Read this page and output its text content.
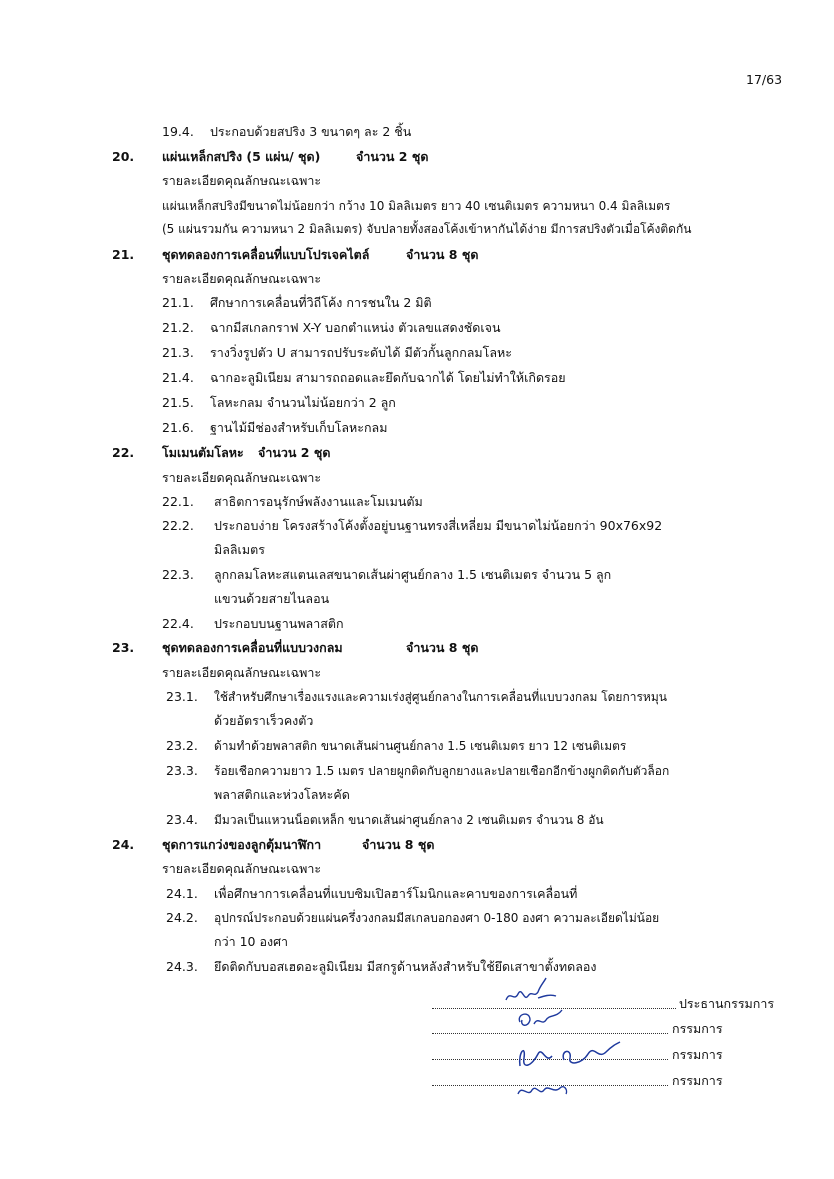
17/63
19.4. ประกอบด้วยสปริง 3 ขนาดๆ ละ 2 ชิ้น
20. แผ่นเหล็กสปริง (5 แผ่น/ ชุด)	จำนวน 2 ชุด
รายละเอียดคุณลักษณะเฉพาะ
แผ่นเหล็กสปริงมีขนาดไม่น้อยกว่า กว้าง 10 มิลลิเมตร ยาว 40 เซนติเมตร ความหนา 0.4 มิลลิเมตร
(5 แผ่นรวมกัน ความหนา 2 มิลลิเมตร) จับปลายทั้งสองโค้งเข้าหากันได้ง่าย มีการสปริงตัวเมื่อโค้งติดกัน
21. ชุดทดลองการเคลื่อนที่แบบโปรเจคไตล์	จำนวน 8 ชุด
รายละเอียดคุณลักษณะเฉพาะ
21.1. ศึกษาการเคลื่อนที่วิถีโค้ง การชนใน 2 มิติ
21.2. ฉากมีสเกลกราฟ X-Y บอกตำแหน่ง ตัวเลขแสดงชัดเจน
21.3. รางวิ่งรูปตัว U สามารถปรับระดับได้ มีตัวกั้นลูกกลมโลหะ
21.4. ฉากอะลูมิเนียม สามารถถอดและยึดกับฉากได้ โดยไม่ทำให้เกิดรอย
21.5. โลหะกลม จำนวนไม่น้อยกว่า 2 ลูก
21.6. ฐานไม้มีช่องสำหรับเก็บโลหะกลม
22. โมเมนตัมโลหะ จำนวน 2 ชุด
รายละเอียดคุณลักษณะเฉพาะ
22.1. สาธิตการอนุรักษ์พลังงานและโมเมนตัม
22.2. ประกอบง่าย โครงสร้างโค้งตั้งอยู่บนฐานทรงสี่เหลี่ยม มีขนาดไม่น้อยกว่า 90x76x92
มิลลิเมตร
22.3. ลูกกลมโลหะสแตนเลสขนาดเส้นผ่าศูนย์กลาง 1.5 เซนติเมตร จำนวน 5 ลูก
แขวนด้วยสายไนลอน
22.4. ประกอบบนฐานพลาสติก
23. ชุดทดลองการเคลื่อนที่แบบวงกลม	จำนวน 8 ชุด
รายละเอียดคุณลักษณะเฉพาะ
23.1. ใช้สำหรับศึกษาเรื่องแรงและความเร่งสู่ศูนย์กลางในการเคลื่อนที่แบบวงกลม โดยการหมุน
ด้วยอัตราเร็วคงตัว
23.2. ด้ามทำด้วยพลาสติก ขนาดเส้นผ่านศูนย์กลาง 1.5 เซนติเมตร ยาว 12 เซนติเมตร
23.3. ร้อยเชือกความยาว 1.5 เมตร ปลายผูกติดกับลูกยางและปลายเชือกอีกข้างผูกติดกับตัวล็อก
พลาสติกและห่วงโลหะคัด
23.4. มีมวลเป็นแหวนน็อตเหล็ก ขนาดเส้นผ่าศูนย์กลาง 2 เซนติเมตร จำนวน 8 อัน
24. ชุดการแกว่งของลูกตุ้มนาฬิกา	จำนวน 8 ชุด
รายละเอียดคุณลักษณะเฉพาะ
24.1. เพื่อศึกษาการเคลื่อนที่แบบซิมเปิลฮาร์โมนิกและคาบของการเคลื่อนที่
24.2. อุปกรณ์ประกอบด้วยแผ่นครึ่งวงกลมมีสเกลบอกองศา 0-180 องศา ความละเอียดไม่น้อย
กว่า 10 องศา
24.3. ยึดติดกับบอสเฮดอะลูมิเนียม มีสกรูด้านหลังสำหรับใช้ยึดเสาขาตั้งทดลอง
ประธานกรรมการ
กรรมการ
กรรมการ
กรรมการ
